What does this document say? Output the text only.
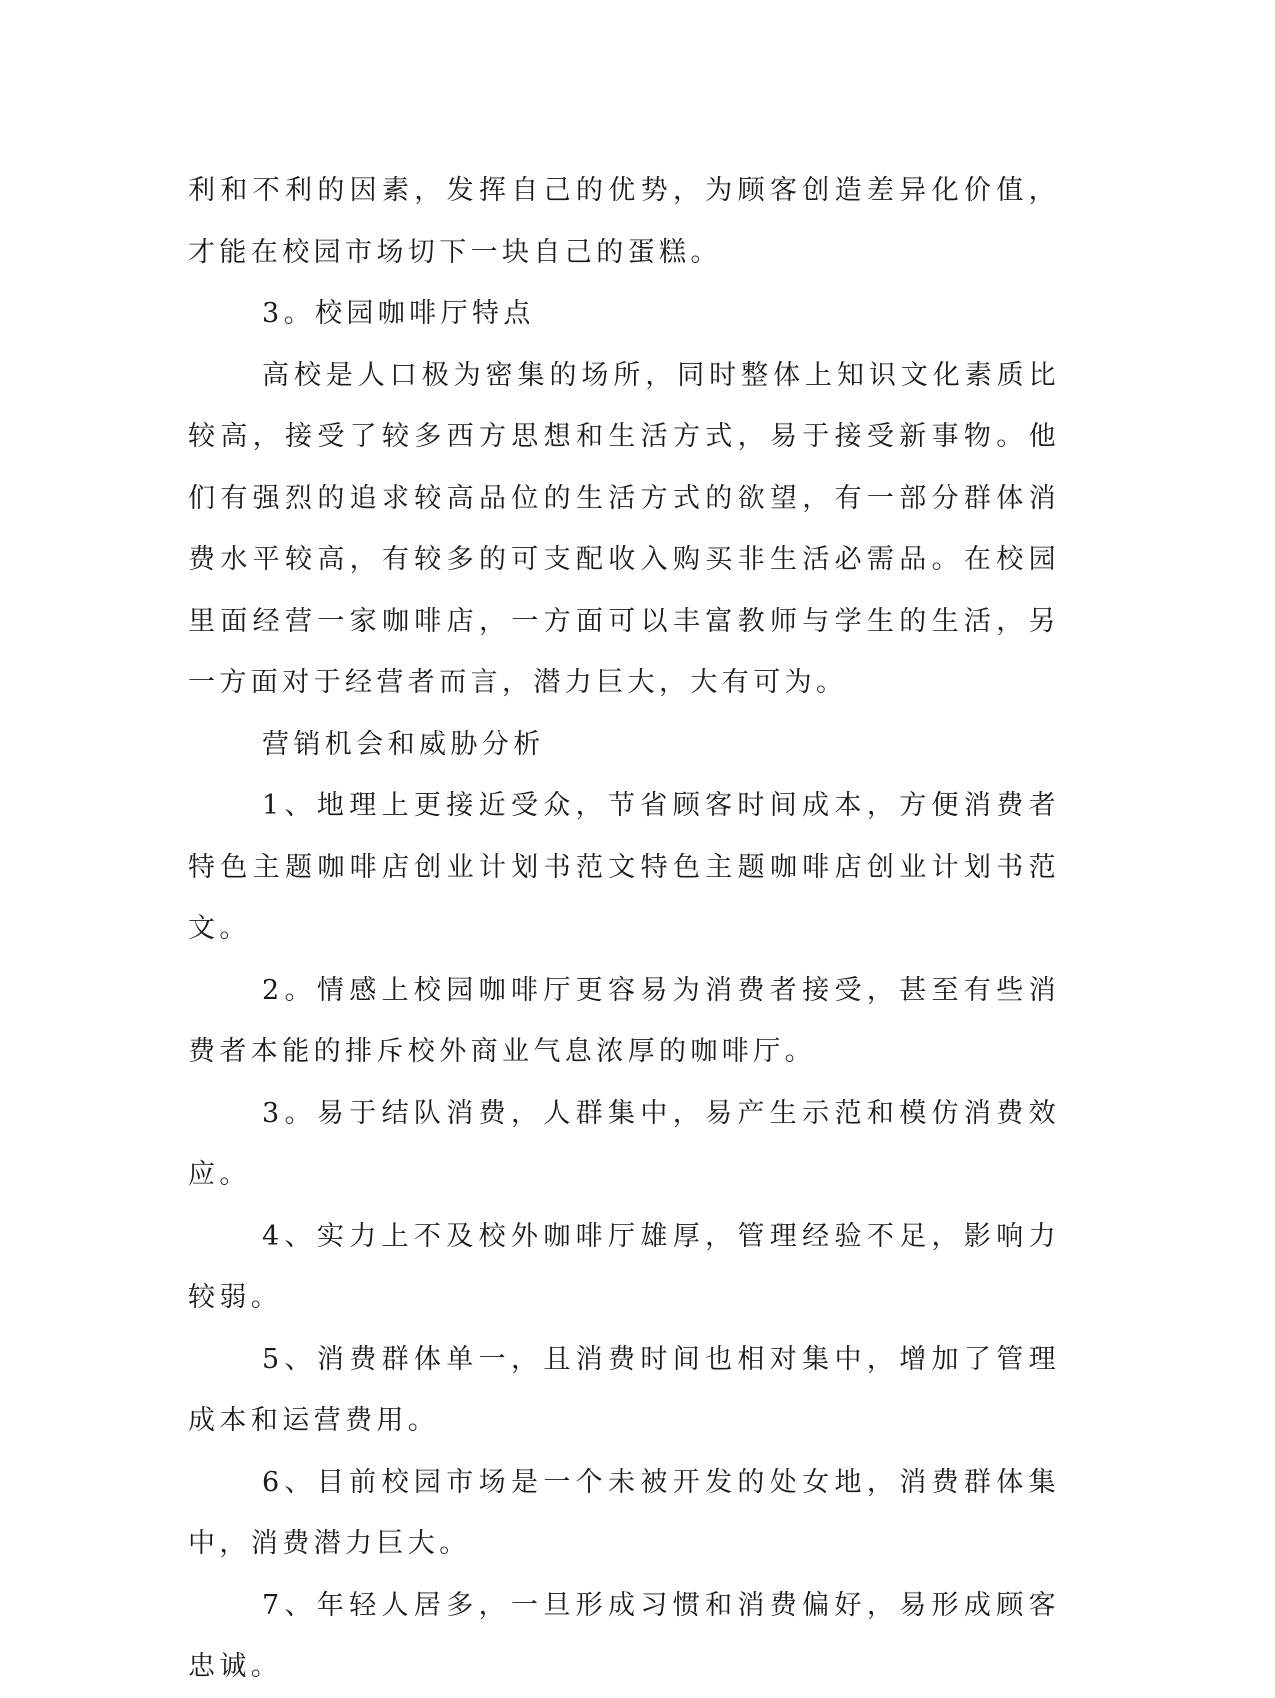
利和不利的因素，发挥自己的优势，为顾客创造差异化价值，才能在校园市场切下一块自己的蛋糕。

3。校园咖啡厅特点

高校是人口极为密集的场所，同时整体上知识文化素质比较高，接受了较多西方思想和生活方式，易于接受新事物。他们有强烈的追求较高品位的生活方式的欲望，有一部分群体消费水平较高，有较多的可支配收入购买非生活必需品。在校园里面经营一家咖啡店，一方面可以丰富教师与学生的生活，另一方面对于经营者而言，潜力巨大，大有可为。

营销机会和威胁分析

1、地理上更接近受众，节省顾客时间成本，方便消费者特色主题咖啡店创业计划书范文特色主题咖啡店创业计划书范文。

2。情感上校园咖啡厅更容易为消费者接受，甚至有些消费者本能的排斥校外商业气息浓厚的咖啡厅。

3。易于结队消费，人群集中，易产生示范和模仿消费效应。

4、实力上不及校外咖啡厅雄厚，管理经验不足，影响力较弱。

5、消费群体单一，且消费时间也相对集中，增加了管理成本和运营费用。

6、目前校园市场是一个未被开发的处女地，消费群体集中，消费潜力巨大。

7、年轻人居多，一旦形成习惯和消费偏好，易形成顾客忠诚。
